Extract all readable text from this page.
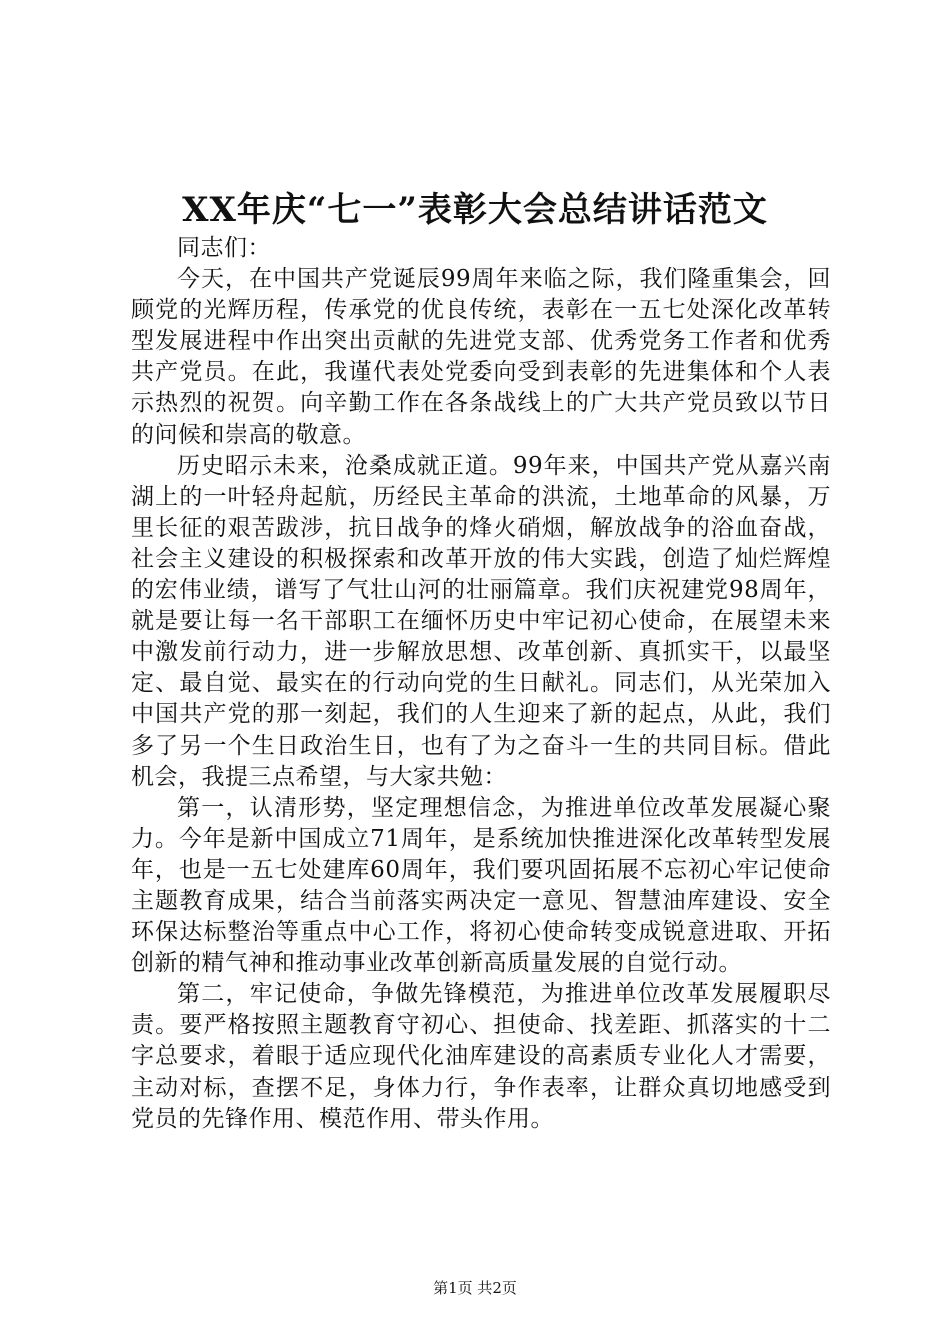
XX年庆“七一”表彰大会总结讲话范文

同志们：

今天，在中国共产党诞辰99周年来临之际，我们隆重集会，回顾党的光辉历程，传承党的优良传统，表彰在一五七处深化改革转型发展进程中作出突出贡献的先进党支部、优秀党务工作者和优秀共产党员。在此，我谨代表处党委向受到表彰的先进集体和个人表示热烈的祝贺。向辛勤工作在各条战线上的广大共产党员致以节日的问候和崇高的敬意。

历史昭示未来，沧桑成就正道。99年来，中国共产党从嘉兴南湖上的一叶轻舟起航，历经民主革命的洪流，土地革命的风暴，万里长征的艰苦跋涉，抗日战争的烽火硝烟，解放战争的浴血奋战，社会主义建设的积极探索和改革开放的伟大实践，创造了灿烂辉煌的宏伟业绩，谱写了气壮山河的壮丽篇章。我们庆祝建党98周年，就是要让每一名干部职工在缅怀历史中牢记初心使命，在展望未来中激发前行动力，进一步解放思想、改革创新、真抓实干，以最坚定、最自觉、最实在的行动向党的生日献礼。同志们，从光荣加入中国共产党的那一刻起，我们的人生迎来了新的起点，从此，我们多了另一个生日政治生日，也有了为之奋斗一生的共同目标。借此机会，我提三点希望，与大家共勉：

第一，认清形势，坚定理想信念，为推进单位改革发展凝心聚力。今年是新中国成立71周年，是系统加快推进深化改革转型发展年，也是一五七处建库60周年，我们要巩固拓展不忘初心牢记使命主题教育成果，结合当前落实两决定一意见、智慧油库建设、安全环保达标整治等重点中心工作，将初心使命转变成锐意进取、开拓创新的精气神和推动事业改革创新高质量发展的自觉行动。

第二，牢记使命，争做先锋模范，为推进单位改革发展履职尽责。要严格按照主题教育守初心、担使命、找差距、抓落实的十二字总要求，着眼于适应现代化油库建设的高素质专业化人才需要，主动对标，查摆不足，身体力行，争作表率，让群众真切地感受到党员的先锋作用、模范作用、带头作用。

第1页 共2页
